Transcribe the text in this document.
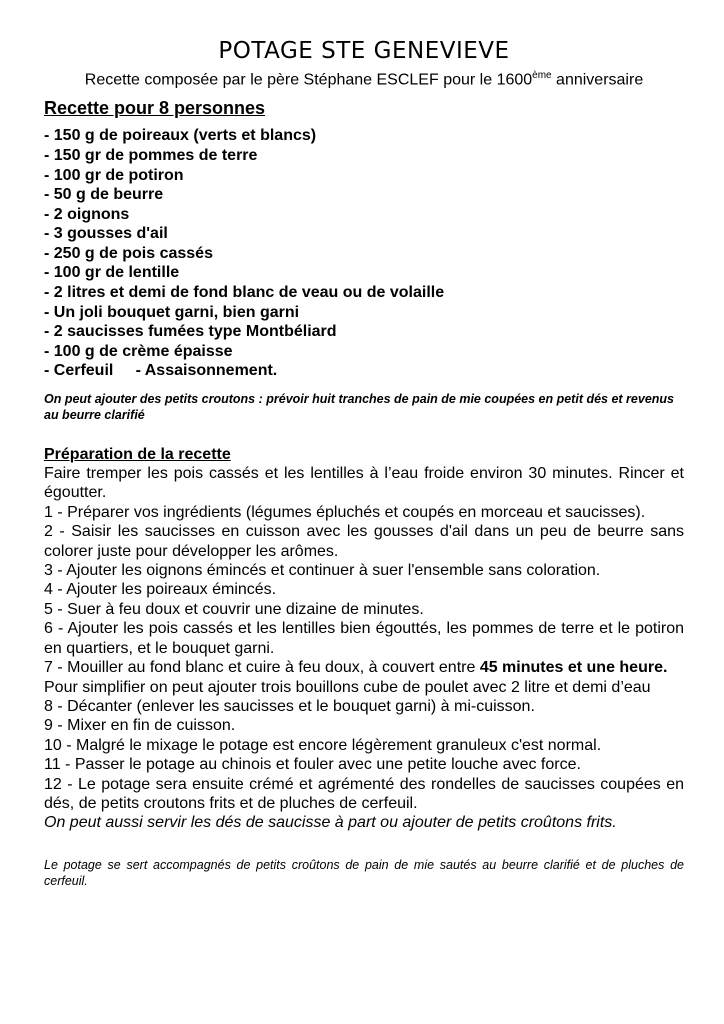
POTAGE STE GENEVIEVE

Recette composée par le père Stéphane ESCLEF pour le 1600ème anniversaire

Recette pour 8 personnes
- 150 g de poireaux (verts et blancs)
- 150 gr de pommes de terre
- 100 gr de potiron
- 50 g de beurre
- 2 oignons
- 3 gousses d'ail
- 250 g de pois cassés
- 100 gr de lentille
- 2 litres et demi de fond blanc de veau ou de volaille
- Un joli bouquet garni, bien garni
- 2 saucisses fumées type Montbéliard
- 100 g de crème épaisse
- Cerfeuil     - Assaisonnement.

On peut ajouter des petits croutons : prévoir huit tranches de pain de mie coupées en petit dés et revenus au beurre clarifié

Préparation de la recette

Faire tremper les pois cassés et les lentilles à l’eau froide environ 30 minutes. Rincer et égoutter.

1 - Préparer vos ingrédients (légumes épluchés et coupés en morceau et saucisses).

2 - Saisir les saucisses en cuisson avec les gousses d'ail dans un peu de beurre sans colorer juste pour développer les arômes.

3 - Ajouter les oignons émincés et continuer à suer l'ensemble sans coloration.

4 - Ajouter les poireaux émincés.

5 - Suer à feu doux et couvrir une dizaine de minutes.

6 - Ajouter les pois cassés et les lentilles bien égouttés, les pommes de terre et le potiron en quartiers, et le bouquet garni.

7 - Mouiller au fond blanc et cuire à feu doux, à couvert entre 45 minutes et une heure.

Pour simplifier on peut ajouter trois bouillons cube de poulet avec 2 litre et demi d’eau

8 - Décanter (enlever les saucisses et le bouquet garni) à mi-cuisson.

9 - Mixer en fin de cuisson.

10 - Malgré le mixage le potage est encore légèrement granuleux c'est normal.

11 - Passer le potage au chinois et fouler avec une petite louche avec force.

12 - Le potage sera ensuite crémé et agrémenté des rondelles de saucisses coupées en dés, de petits croutons frits et de pluches de cerfeuil.

On peut aussi servir les dés de saucisse à part ou ajouter de petits croûtons frits.

Le potage se sert accompagnés de petits croûtons de pain de mie sautés au beurre clarifié et de pluches de cerfeuil.
